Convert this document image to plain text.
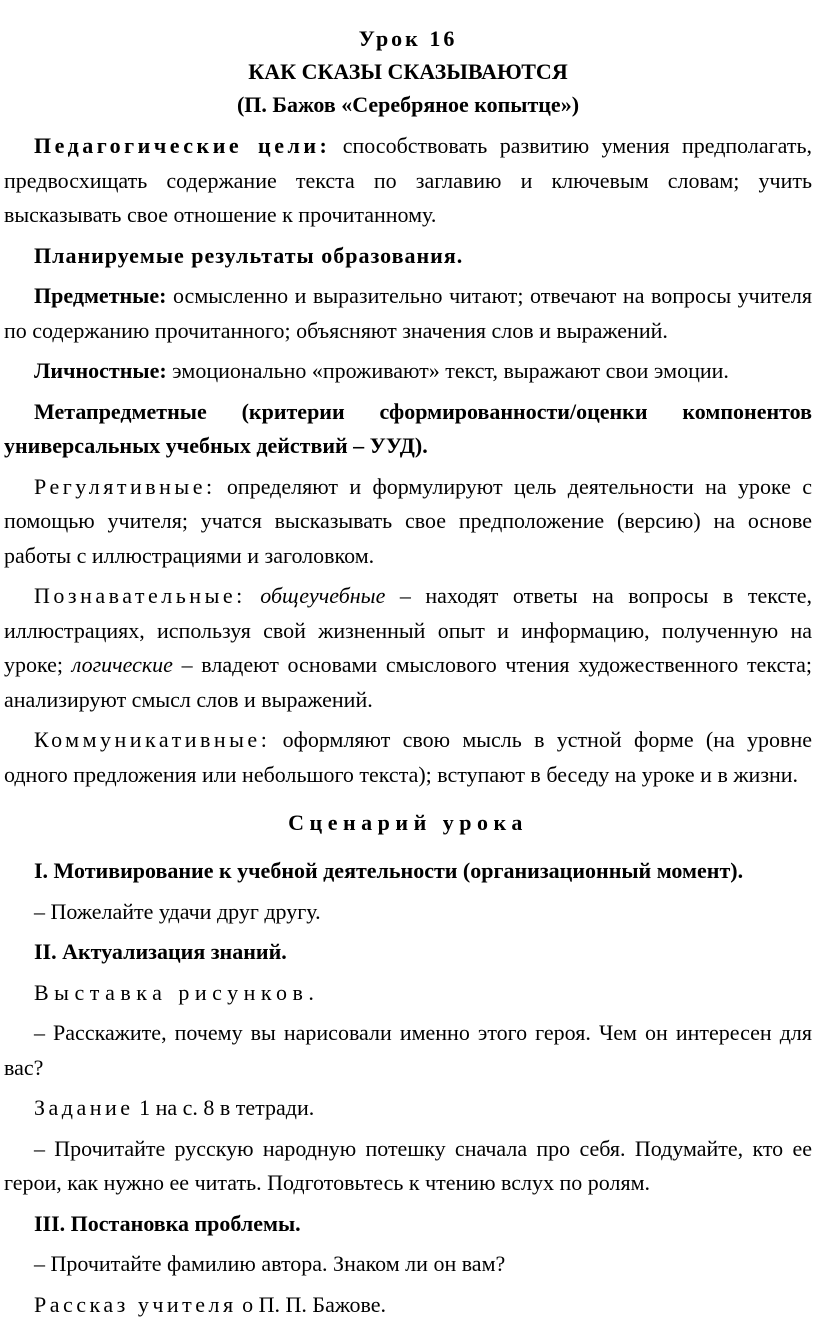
Урок 16
КАК СКАЗЫ СКАЗЫВАЮТСЯ
(П. Бажов «Серебряное копытце»)

Педагогические цели: способствовать развитию умения предполагать, предвосхищать содержание текста по заглавию и ключевым словам; учить высказывать свое отношение к прочитанному.

Планируемые результаты образования.

Предметные: осмысленно и выразительно читают; отвечают на вопросы учителя по содержанию прочитанного; объясняют значения слов и выражений.

Личностные: эмоционально «проживают» текст, выражают свои эмоции.

Метапредметные (критерии сформированности/оценки компонентов универсальных учебных действий – УУД).

Регулятивные: определяют и формулируют цель деятельности на уроке с помощью учителя; учатся высказывать свое предположение (версию) на основе работы с иллюстрациями и заголовком.

Познавательные: общеучебные – находят ответы на вопросы в тексте, иллюстрациях, используя свой жизненный опыт и информацию, полученную на уроке; логические – владеют основами смыслового чтения художественного текста; анализируют смысл слов и выражений.

Коммуникативные: оформляют свою мысль в устной форме (на уровне одного предложения или небольшого текста); вступают в беседу на уроке и в жизни.

Сценарий урока

I. Мотивирование к учебной деятельности (организационный момент).

– Пожелайте удачи друг другу.

II. Актуализация знаний.

Выставка рисунков.

– Расскажите, почему вы нарисовали именно этого героя. Чем он интересен для вас?

Задание 1 на с. 8 в тетради.

– Прочитайте русскую народную потешку сначала про себя. Подумайте, кто ее герои, как нужно ее читать. Подготовьтесь к чтению вслух по ролям.

III. Постановка проблемы.

– Прочитайте фамилию автора. Знаком ли он вам?

Рассказ учителя о П. П. Бажове.
